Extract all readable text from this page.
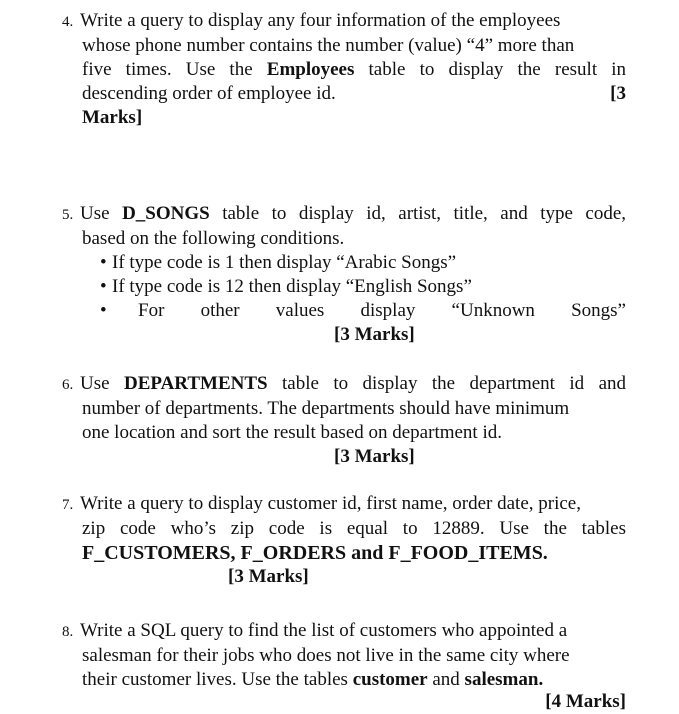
4. Write a query to display any four information of the employees
whose phone number contains the number (value) “4” more than
five times. Use the Employees table to display the result in
descending order of employee id.	[3
Marks]
5. Use D_SONGS table to display id, artist, title, and type code,
based on the following conditions.
• If type code is 1 then display “Arabic Songs”
• If type code is 12 then display “English Songs”
•	For other values display “Unknown Songs”
[3 Marks]
6. Use DEPARTMENTS table to display the department id and
number of departments. The departments should have minimum
one location and sort the result based on department id.
[3 Marks]
7. Write a query to display customer id, first name, order date, price,
zip code who’s zip code is equal to 12889. Use the tables
F_CUSTOMERS, F_ORDERS and F_FOOD_ITEMS.
[3 Marks]
8. Write a SQL query to find the list of customers who appointed a
salesman for their jobs who does not live in the same city where
their customer lives. Use the tables customer and salesman.
[4 Marks]
